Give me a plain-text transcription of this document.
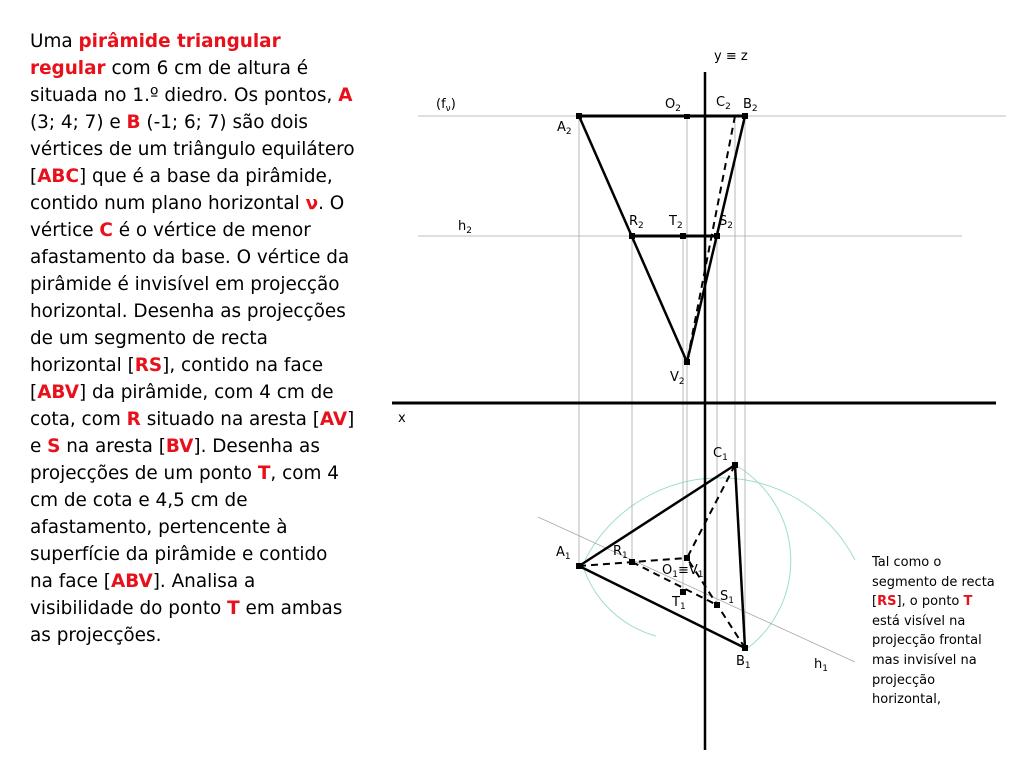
Uma pirâmide triangular regular com 6 cm de altura é situada no 1.º diedro. Os pontos, A (3; 4; 7) e B (-1; 6; 7) são dois vértices de um triângulo equilátero [ABC] que é a base da pirâmide, contido num plano horizontal ν. O vértice C é o vértice de menor afastamento da base. O vértice da pirâmide é invisível em projecção horizontal. Desenha as projecções de um segmento de recta horizontal [RS], contido na face [ABV] da pirâmide, com 4 cm de cota, com R situado na aresta [AV] e S na aresta [BV]. Desenha as projecções de um ponto T, com 4 cm de cota e 4,5 cm de afastamento, pertencente à superfície da pirâmide e contido na face [ABV]. Analisa a visibilidade do ponto T em ambas as projecções.
Tal como o segmento de recta [RS], o ponto T está visível na projecção frontal mas invisível na projecção horizontal,
y ≡ z
x
$(f_\nu)$
$h_2$
$h_1$
$O_2$	$C_2$ $B_2$
$A_2$
$R_2$ $T_2$	$S_2$
$V_2$
$C_1$
$A_1$	$R_1$
$O_1\equiv V_1$
$T_1$
$S_1$
$B_1$
